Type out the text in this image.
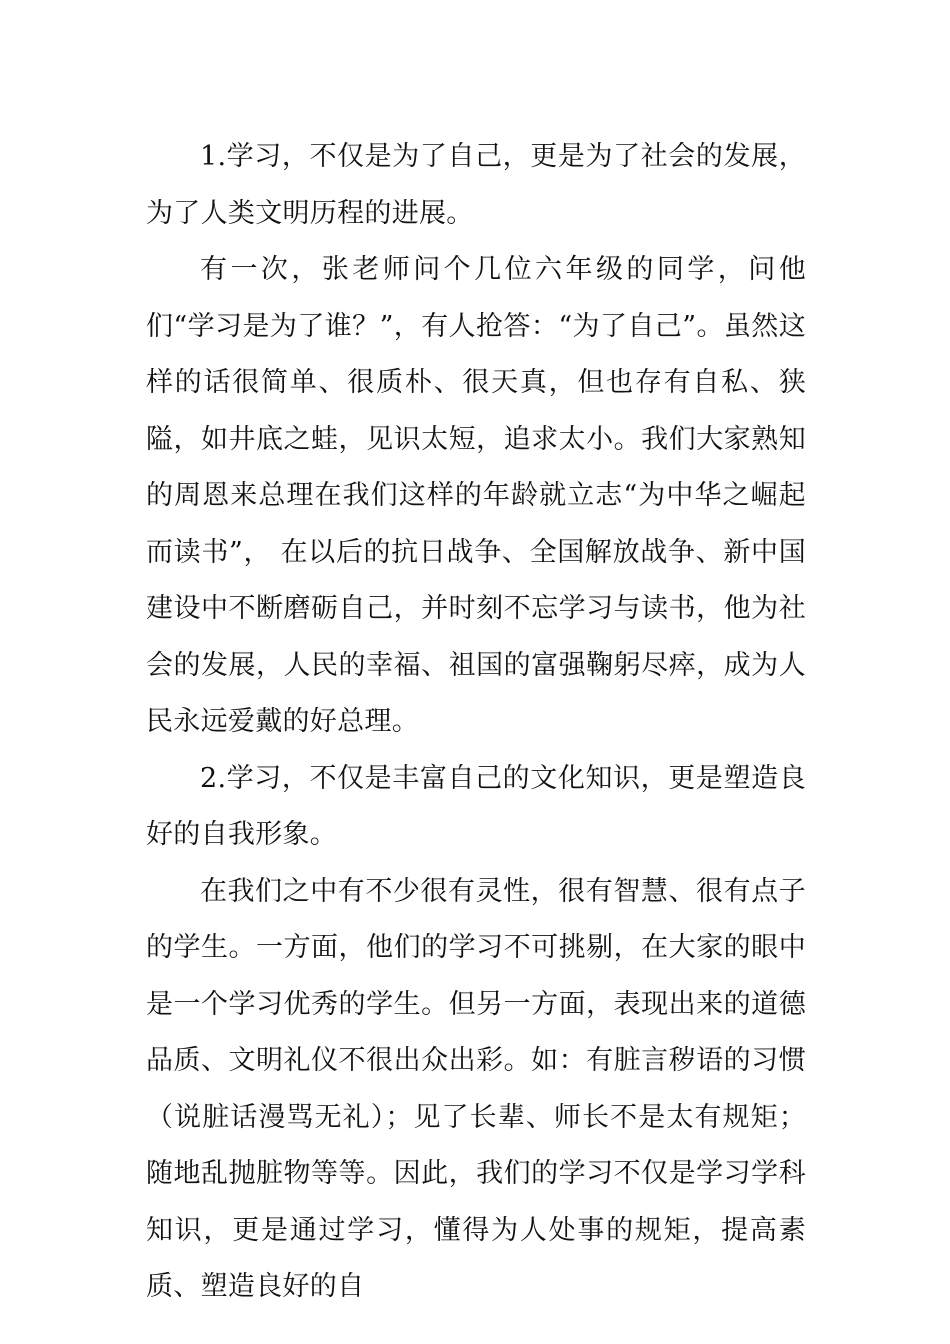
1.学习，不仅是为了自己，更是为了社会的发展，为了人类文明历程的进展。

有一次，张老师问个几位六年级的同学，问他们“学习是为了谁？”，有人抢答：“为了自己”。虽然这样的话很简单、很质朴、很天真，但也存有自私、狭隘，如井底之蛙，见识太短，追求太小。我们大家熟知的周恩来总理在我们这样的年龄就立志“为中华之崛起而读书”， 在以后的抗日战争、全国解放战争、新中国建设中不断磨砺自己，并时刻不忘学习与读书，他为社会的发展，人民的幸福、祖国的富强鞠躬尽瘁，成为人民永远爱戴的好总理。

2.学习，不仅是丰富自己的文化知识，更是塑造良好的自我形象。

在我们之中有不少很有灵性，很有智慧、很有点子的学生。一方面，他们的学习不可挑剔，在大家的眼中是一个学习优秀的学生。但另一方面，表现出来的道德品质、文明礼仪不很出众出彩。如：有脏言秽语的习惯（说脏话漫骂无礼）；见了长辈、师长不是太有规矩；随地乱抛脏物等等。因此，我们的学习不仅是学习学科知识，更是通过学习，懂得为人处事的规矩，提高素质、塑造良好的自
